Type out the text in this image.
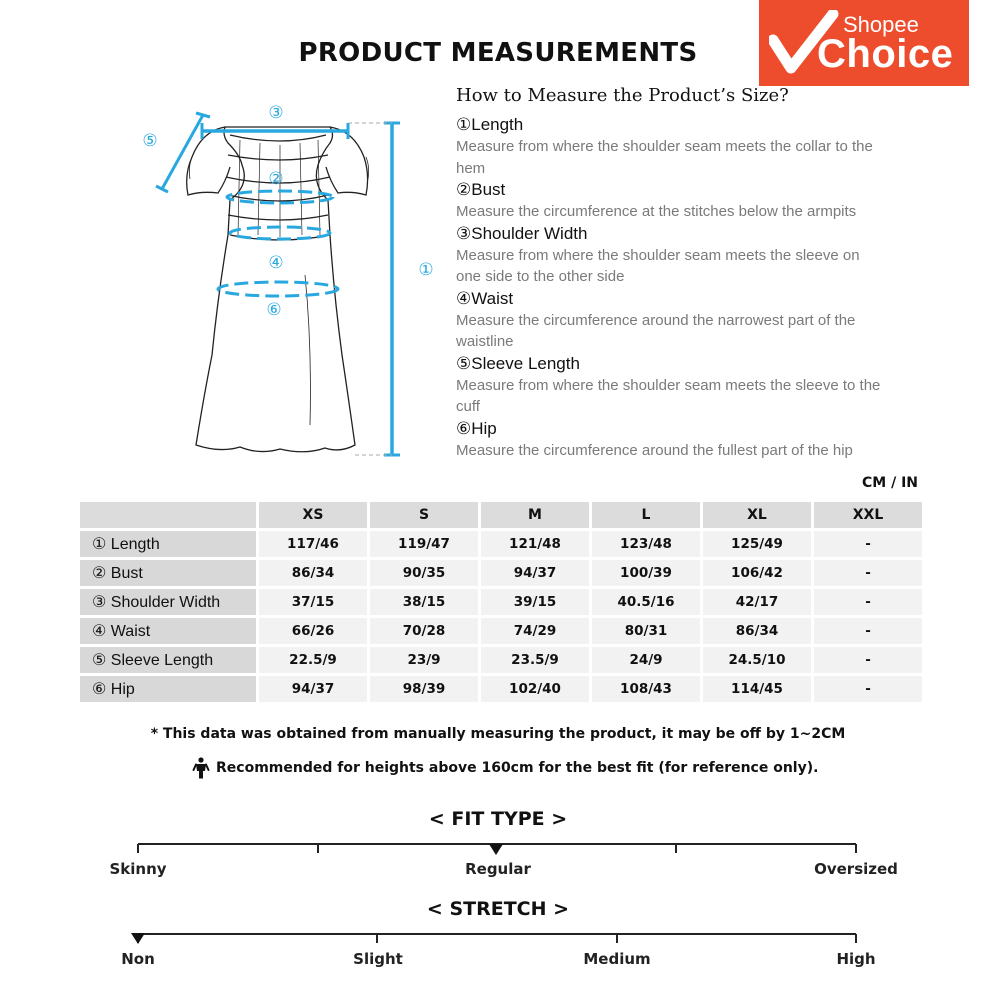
Shopee
Choice
PRODUCT MEASUREMENTS
①
②
③
④
⑤
⑥
How to Measure the Product’s Size?
①Length
Measure from where the shoulder seam meets the collar to the hem
②Bust
Measure the circumference at the stitches below the armpits
③Shoulder Width
Measure from where the shoulder seam meets the sleeve on one side to the other side
④Waist
Measure the circumference around the narrowest part of the waistline
⑤Sleeve Length
Measure from where the shoulder seam meets the sleeve to the cuff
⑥Hip
Measure the circumference around the fullest part of the hip
CM / IN
	XS	S	M	L	XL	XXL
① Length	117/46	119/47	121/48	123/48	125/49	-
② Bust	86/34	90/35	94/37	100/39	106/42	-
③ Shoulder Width	37/15	38/15	39/15	40.5/16	42/17	-
④ Waist	66/26	70/28	74/29	80/31	86/34	-
⑤ Sleeve Length	22.5/9	23/9	23.5/9	24/9	24.5/10	-
⑥ Hip	94/37	98/39	102/40	108/43	114/45	-
* This data was obtained from manually measuring the product, it may be off by 1~2CM
Recommended for heights above 160cm for the best fit (for reference only).
< FIT TYPE >
Skinny	Regular	Oversized
< STRETCH >
Non	Slight	Medium	High
